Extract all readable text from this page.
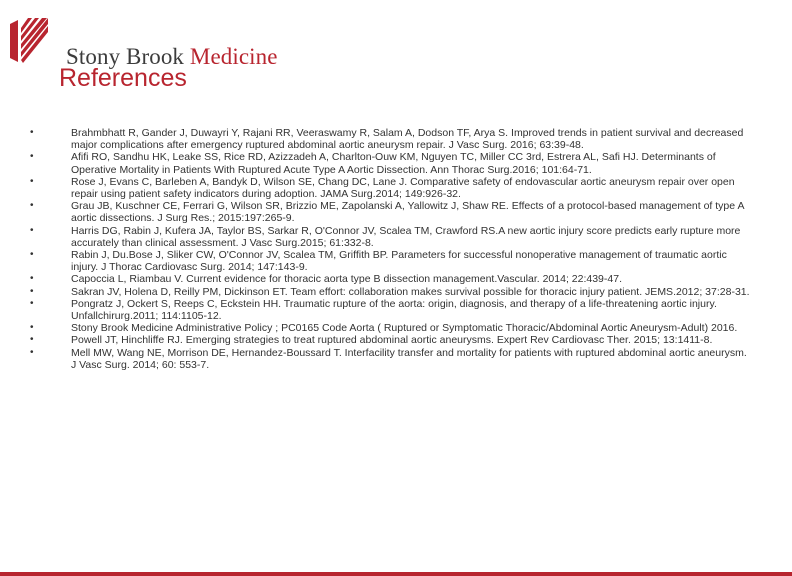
Stony Brook Medicine
References
•	Brahmbhatt R, Gander J, Duwayri Y, Rajani RR, Veeraswamy R, Salam A, Dodson TF, Arya S. Improved trends in patient survival and decreased major complications after emergency ruptured abdominal aortic aneurysm repair. J Vasc Surg. 2016; 63:39-48.
•	Afifi RO, Sandhu HK, Leake SS, Rice RD, Azizzadeh A, Charlton-Ouw KM, Nguyen TC, Miller CC 3rd, Estrera AL, Safi HJ. Determinants of Operative Mortality in Patients With Ruptured Acute Type A Aortic Dissection. Ann Thorac Surg.2016; 101:64-71.
•	Rose J, Evans C, Barleben A, Bandyk D, Wilson SE, Chang DC, Lane J. Comparative safety of endovascular aortic aneurysm repair over open repair using patient safety indicators during adoption. JAMA Surg.2014; 149:926-32.
•	Grau JB, Kuschner CE, Ferrari G, Wilson SR, Brizzio ME, Zapolanski A, Yallowitz J, Shaw RE. Effects of a protocol-based management of type A aortic dissections. J Surg Res.; 2015:197:265-9.
•	Harris DG, Rabin J, Kufera JA, Taylor BS, Sarkar R, O'Connor JV, Scalea TM, Crawford RS.A new aortic injury score predicts early rupture more accurately than clinical assessment. J Vasc Surg.2015; 61:332-8.
•	Rabin J, Du.Bose J, Sliker CW, O'Connor JV, Scalea TM, Griffith BP. Parameters for successful nonoperative management of traumatic aortic injury. J Thorac Cardiovasc Surg. 2014; 147:143-9.
•	Capoccia L, Riambau V. Current evidence for thoracic aorta type B dissection management.Vascular. 2014; 22:439-47.
•	Sakran JV, Holena D, Reilly PM, Dickinson ET. Team effort: collaboration makes survival possible for thoracic injury patient. JEMS.2012; 37:28-31.
•	Pongratz J, Ockert S, Reeps C, Eckstein HH. Traumatic rupture of the aorta: origin, diagnosis, and therapy of a life-threatening aortic injury. Unfallchirurg.2011; 114:1105-12.
•	Stony Brook Medicine Administrative Policy ; PC0165 Code Aorta ( Ruptured or Symptomatic Thoracic/Abdominal Aortic Aneurysm-Adult) 2016.
•	Powell JT, Hinchliffe RJ. Emerging strategies to treat ruptured abdominal aortic aneurysms. Expert Rev Cardiovasc Ther. 2015; 13:1411-8.
•	Mell MW, Wang NE, Morrison DE, Hernandez-Boussard T. Interfacility transfer and mortality for patients with ruptured abdominal aortic aneurysm. J Vasc Surg. 2014; 60: 553-7.
